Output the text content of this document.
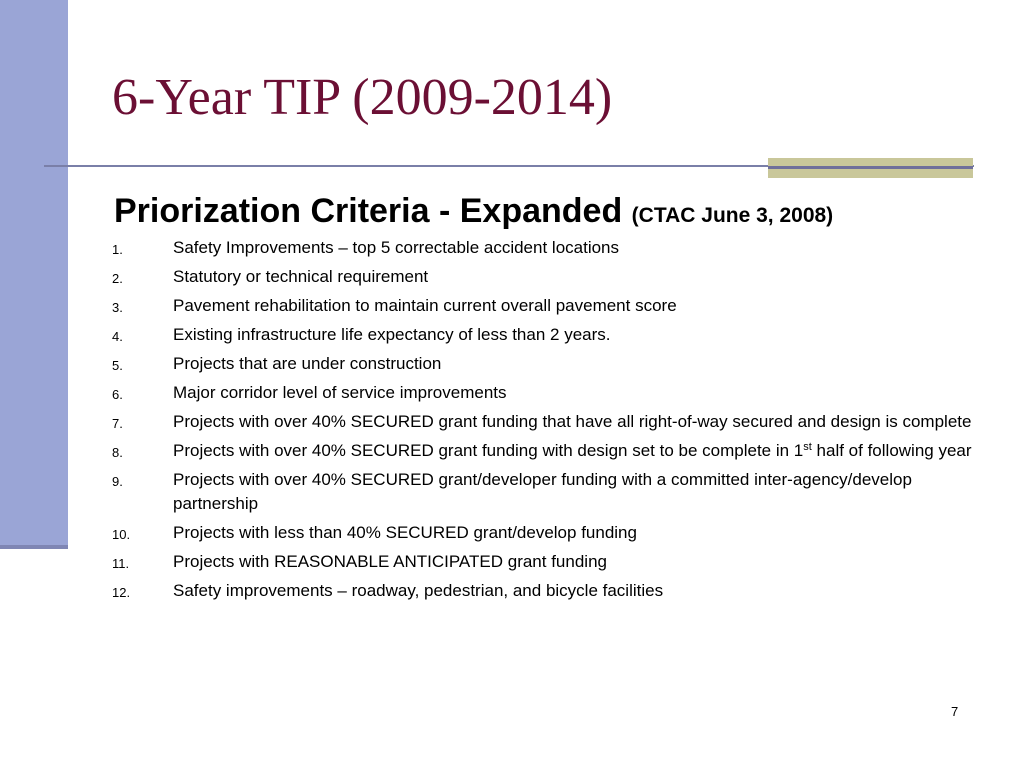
6-Year TIP (2009-2014)
Priorization Criteria - Expanded (CTAC June 3, 2008)
1.	Safety Improvements – top 5 correctable accident locations
2.	Statutory or technical requirement
3.	Pavement rehabilitation to maintain current overall pavement score
4.	Existing infrastructure life expectancy of less than 2 years.
5.	Projects that are under construction
6.	Major corridor level of service improvements
7.	Projects with over 40% SECURED grant funding that have all right-of-way secured and design is complete
8.	Projects with over 40% SECURED grant funding with design set to be complete in 1st half of following year
9.	Projects with over 40% SECURED grant/developer funding with a committed inter-agency/develop partnership
10.	Projects with less than 40% SECURED grant/develop funding
11.	Projects with REASONABLE ANTICIPATED grant funding
12.	Safety improvements – roadway, pedestrian, and bicycle facilities
7
